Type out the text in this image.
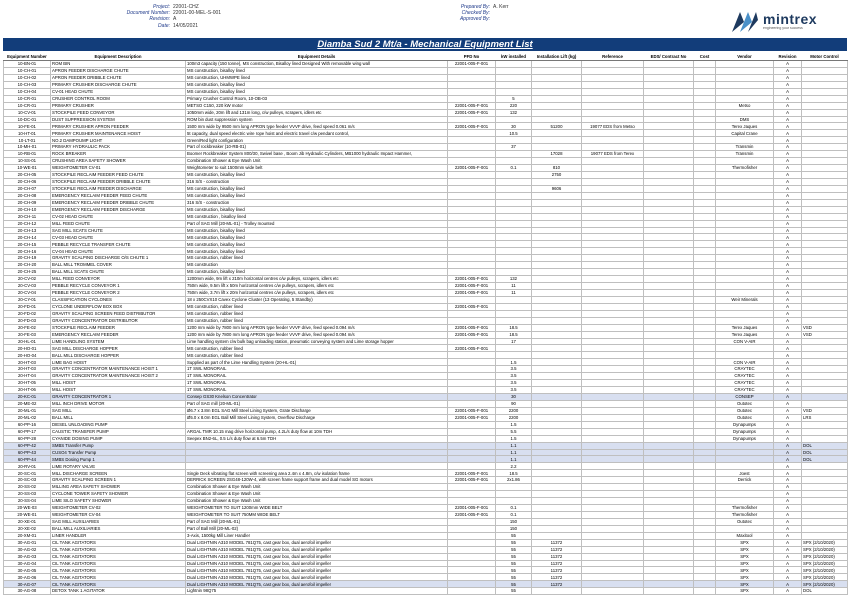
Project: 22001-CHZ
Document Number: 22001-00-MEL-S-001
Revision: A
Date: 14/05/2021
Prepared By: A. Kerr
Checked By:
Approved By:	mintrex
engineering your success
Diamba Sud 2 Mt/a - Mechanical Equipment List
Equipment Number	Equipment Description	Equipment Details	PFD No	kW installed	Installation Lift (kg)	Reference	EDS/ Contract No	Cost	Vendor	Revision	Motor Control
10-BN-01	ROM BIN	100m3 capacity (150 tonne), MS construction, Bisalloy lined Designed With removable wing wall	22001-005-F-001							A	
10-CH-01	APRON FEEDER DISCHARGE CHUTE	MS construction, bisalloy lined								A	
10-CH-02	APRON FEEDER DRIBBLE CHUTE	MS construction, UHMWPE lined								A	
10-CH-03	PRIMARY CRUSHER DISCHARGE CHUTE	MS construction, bisalloy lined								A	
10-CH-04	CV-01 HEAD CHUTE	MS construction, bisalloy lined								A	
10-CR-01	CRUSHER CONTROL ROOM	Primary Crusher Control Room, 10-OB-03		5						A	
10-CR-01	PRIMARY CRUSHER	METSO C150, 220 kW motor	22001-005-F-001	220					Metso	A	
10-CV-01	STOCKPILE FEED CONVEYOR	1050mm wide, 20m lift and 131m long, c/w pulleys, scrapers, idlers etc	22001-005-F-001	132						A	
10-DC-01	DUST SUPPRESSION SYSTEM	ROM bin dust suppression system							DMS	A	
10-FE-01	PRIMARY CRUSHER APRON FEEDER	1500 mm wide by 9500 mm long APRON type feeder VVVF drive, feed speed 0.061 m/s	22001-005-F-001	30	51200	19077 EDS from Metso			Terex Jaques	A	
10-HT-01	PRIMARY CRUSHER MAINTENANCE HOIST	5t capacity, dual speed electric wire rope hoist and electric travel c/w pendant control,		10.5					Capital Crane	A	
10-LT-01	NO.2 DAMPOUMP LIGHT	Green/Red light configuration								A	
10-MH-01	PRIMARY HYDRAULIC PACK	Part of rockbreaker (10-RB-01)		37					Transmin	A	
10-RB-01	ROCK BREAKER	Boomer Rockbreaker System 800/30, Swivel base , Boom Jib Hydraulic Cylinders, MB1000 hydraulic Impact Hammer,			17028	19077 EDS from Terex			Transmin	A	
10-SS-01	CRUSHING AREA SAFETY SHOWER	Combination Shower & Eye Wash Unit								A	
10-WE-01	WEIGHTOMETER CV-01	Weightometer to suit 1500mm wide belt	22001-005-F-001	0.1	810				Thermofisher	A	
20-CH-05	STOCKPILE RECLAIM FEEDER FEED CHUTE	MS construction, bisalloy lined			2750					A	
20-CH-06	STOCKPILE RECLAIM FEEDER DRIBBLE CHUTE	316 S/S - construction								A	
20-CH-07	STOCKPILE RECLAIM FEEDER DISCHARGE	MS construction, bisalloy lined			9606					A	
20-CH-08	EMERGENCY RECLAIM FEEDER FEED CHUTE	MS construction, bisalloy lined								A	
20-CH-09	EMERGENCY RECLAIM FEEDER DRIBBLE CHUTE	316 S/S - construction								A	
20-CH-10	EMERGENCY RECLAIM FEEDER DISCHARGE	MS construction, bisalloy lined								A	
20-CH-11	CV-02 HEAD CHUTE	MS construction , bisalloy lined								A	
20-CH-12	MILL FEED CHUTE	Part of SAG Mill (20-ML-01) - Trolley mounted								A	
20-CH-13	SAG MILL SCATS CHUTE	MS construction, bisalloy lined								A	
20-CH-14	CV-03 HEAD CHUTE	MS construction, bisalloy lined								A	
20-CH-15	PEBBLE RECYCLE TRANSFER CHUTE	MS construction, bisalloy lined								A	
20-CH-16	CV-04 HEAD CHUTE	MS construction, bisalloy lined								A	
20-CH-19	GRAVITY SCALPING DISCHARGE O/S CHUTE 1	MS construction, rubber lined								A	
20-CH-20	BALL MILL TROMMEL COVER	MS construction								A	
20-CH-25	BALL MILL SCATS CHUTE	MS construction, bisalloy lined								A	
20-CV-02	MILL FEED CONVEYOR	1200mm wide, 9m lift x 210m horizontal centres c/w pulleys, scrapers, idlers etc	22001-005-F-001	132						A	
20-CV-03	PEBBLE RECYCLE CONVEYOR 1	750m wide, 9.5m lift x 50m horizontal centres c/w pulleys, scrapers, idlers etc	22001-005-F-001	11						A	
20-CV-04	PEBBLE RECYCLE CONVEYOR 2	750m wide, 3.7m lift x 20m horizontal centres c/w pulleys, scrapers, idlers etc	22001-005-F-001	11						A	
20-CY-01	CLASSIFICATION CYCLONES	18 x 250CVX10 Cavex Cyclone Cluster (13 Operating, 5 Standby)							Weir Minerals	A	
20-FD-01	CYCLONE UNDERFLOW BOX BOX	MS construction, rubber lined	22001-005-F-001							A	
20-FD-02	GRAVITY SCALPING SCREEN FEED DISTRIBUTOR	MS construction, rubber lined								A	
20-FD-03	GRAVITY CONCENTRATOR DISTRIBUTOR	MS construction, rubber lined								A	
20-FE-02	STOCKPILE RECLAIM FEEDER	1200 mm wide by 7800 mm long APRON type feeder VVVF drive, feed speed 0.094 m/s	22001-005-F-001	18.5					Terex Jaques	A	VSD
20-FE-03	EMERGENCY RECLAIM FEEDER	1200 mm wide by 7800 mm long APRON type feeder VVVF drive, feed speed 0.094 m/s	22001-005-F-001	18.5					Terex Jaques	A	VSD
20-HL-01	LIME HANDLING SYSTEM	Lime handling system c/w bulk bag unloading station, pneumatic conveying system and Lime storage hopper		17					CON V-AIR	A	
20-HO-01	SAG MILL DISCHARGE HOPPER	MS construction, rubber lined	22001-005-F-001							A	
20-HO-04	BALL MILL DISCHARGE HOPPER	MS construction, rubber lined								A	
20-HT-03	LIME BAG HOIST	Supplied as part of the Lime Handling System (20-HL-01)		1.5					CON V-AIR	A	
20-HT-03	GRAVITY CONCENTRATOR MAINTENANCE HOIST 1	1T SWL MONORAIL		3.5					CRAYTEC	A	
20-HT-04	GRAVITY CONCENTRATOR MAINTENANCE HOIST 2	1T SWL MONORAIL		3.5					CRAYTEC	A	
20-HT-05	MILL HOIST	1T SWL MONORAIL		3.5					CRAYTEC	A	
20-HT-06	MILL HOIST	1T SWL MONORAIL		3.5					CRAYTEC	A	
20-KC-01	GRAVITY CONCENTRATOR 1	Consep GS30 Knelson Concentrator		30					CONSEP	A	
20-ME-02	MILL INCH DRIVE MOTOR	Part of SAG mill (20-ML-01)		90					Outotec	A	
20-ML-01	SAG MILL	Ø6.7 x 3.8m EGL SAG Mill Steel Lining System, Grate Discharge	22001-005-F-001	2200					Outotec	A	VSD
20-ML-02	BALL MILL	Ø5.0 x 8.0m EGL Ball Mill Steel Lining System, Overflow Discharge	22001-005-F-001	2200					Outotec	A	LRS
60-PP-16	DIESEL UNLOADING PUMP			1.5					Dynapumps	A	
60-PP-17	CAUSTIC TRANSFER PUMP	ARGAL TMR 10.15 mag drive horizontal pump, 4.2L/s duty flow at 10m TDH		5.5					Dynapumps	A	
60-PP-28	CYANIDE DOSING PUMP	Seepex BN2-6L, 0.5 L/s duty flow at 6.5m TDH		1.5					Dynapumps	A	
60-PP-42	SMBS Transfer Pump			1.1						A	DOL
60-PP-43	CUSO4 Transfer Pump			1.1						A	DOL
60-PP-44	SMBS Dosing Pump 1			1.1						A	DOL
20-RV-01	LIME ROTARY VALVE			2.2						A	
20-SC-01	MILL DISCHARGE SCREEN	Single Deck vibrating flat screen with screening area 2.4m x 4.8m, c/w isolation frame	22001-005-F-001	18.5					Joest	A	
20-SC-03	GRAVITY SCALPING SCREEN 1	DERRICK SCREEN 2SG48-120W-4, with screen frame support frame and dual model SG motors	22001-005-F-001	2x1.86					Derrick	A	
20-SS-02	MILLING AREA SAFETY SHOWER	Combination Shower & Eye Wash Unit								A	
20-SS-03	CYCLONE TOWER SAFETY SHOWER	Combination Shower & Eye Wash Unit								A	
20-SS-04	LIME SILO SAFETY SHOWER	Combination Shower & Eye Wash Unit								A	
20-WE-03	WEIGHTOMETER CV-02	WEIGHTOMETER TO SUIT 1200mm WIDE BELT	22001-005-F-001	0.1					Thermofisher	A	
20-WE-01	WEIGHTOMETER CV-04	WEIGHTOMETER TO SUIT 750MM WIDE BELT	22001-005-F-001	0.1					Thermofisher	A	
20-XE-01	SAG MILL AUXILIARIES	Part of SAG Mill (20-ML-01)		150					Outotec	A	
20-XE-02	BALL MILL AUXILIARIES	Part of Ball Mill (20-ML-02)		150						A	
20-XM-01	LINER HANDLER	3-Axis, 1500kg Mill Liner Handler		55					Maxitool	A	
30-AG-01	CIL TANK AGITATORS	Dual LIGHTNIN A310 MODEL 781Q75, cast gear box, dual aerofoil impeller		55	11372				SPX	A	SPX (2/10/2020)
30-AG-02	CIL TANK AGITATORS	Dual LIGHTNIN A310 MODEL 781Q75, cast gear box, dual aerofoil impeller		55	11372				SPX	A	SPX (2/10/2020)
30-AG-03	CIL TANK AGITATORS	Dual LIGHTNIN A310 MODEL 781Q75, cast gear box, dual aerofoil impeller		55	11372				SPX	A	SPX (2/10/2020)
30-AG-04	CIL TANK AGITATORS	Dual LIGHTNIN A310 MODEL 781Q75, cast gear box, dual aerofoil impeller		55	11372				SPX	A	SPX (2/10/2020)
30-AG-05	CIL TANK AGITATORS	Dual LIGHTNIN A310 MODEL 781Q75, cast gear box, dual aerofoil impeller		55	11372				SPX	A	SPX (2/10/2020)
30-AG-06	CIL TANK AGITATORS	Dual LIGHTNIN A310 MODEL 781Q75, cast gear box, dual aerofoil impeller		55	11372				SPX	A	SPX (2/10/2020)
30-AG-07	CIL TANK AGITATORS	Dual LIGHTNIN A310 MODEL 781Q75, cast gear box, dual aerofoil impeller		55	11372				SPX	A	SPX (2/10/2020)
30-AG-08	DETOX TANK 1 AGITATOR	Lightnin 98Q75		55					SPX	A	DOL
